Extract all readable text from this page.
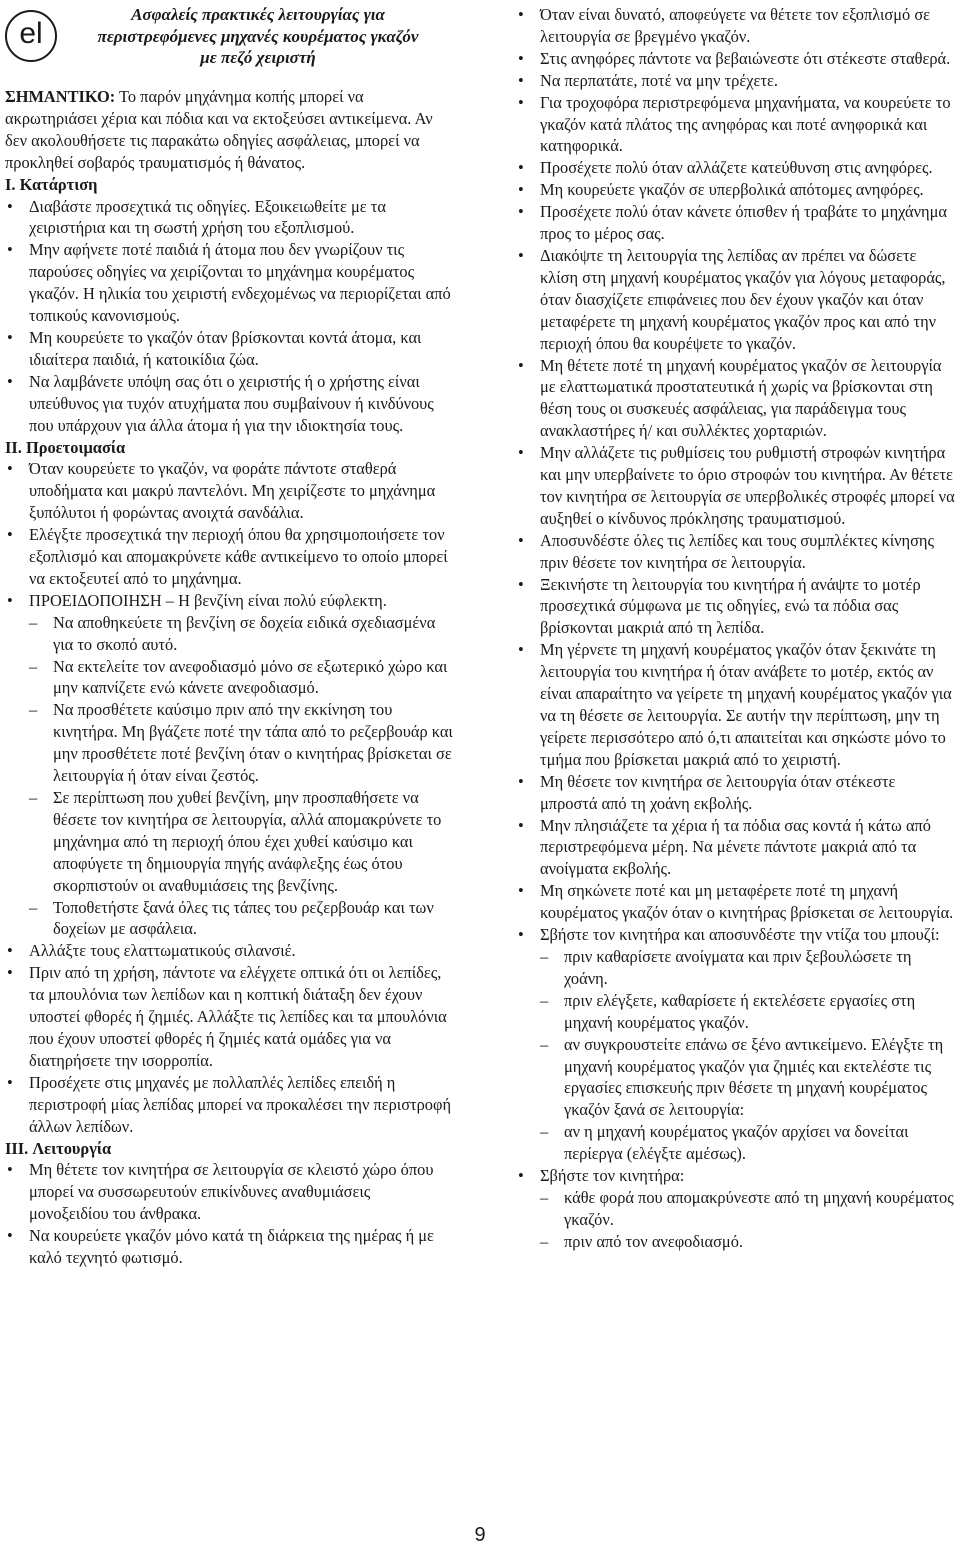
el
Ασφαλείς πρακτικές λειτουργίας για περιστρεφόμενες μηχανές κουρέματος γκαζόν με πεζό χειριστή

ΣΗΜΑΝΤΙΚΟ: Το παρόν μηχάνημα κοπής μπορεί να ακρωτηριάσει χέρια και πόδια και να εκτοξεύσει αντικείμενα. Αν δεν ακολουθήσετε τις παρακάτω οδηγίες ασφάλειας, μπορεί να προκληθεί σοβαρός τραυματισμός ή θάνατος.

I. Κατάρτιση
• Διαβάστε προσεχτικά τις οδηγίες. Εξοικειωθείτε με τα χειριστήρια και τη σωστή χρήση του εξοπλισμού.
• Μην αφήνετε ποτέ παιδιά ή άτομα που δεν γνωρίζουν τις παρούσες οδηγίες να χειρίζονται το μηχάνημα κουρέματος γκαζόν. Η ηλικία του χειριστή ενδεχομένως να περιορίζεται από τοπικούς κανονισμούς.
• Μη κουρεύετε το γκαζόν όταν βρίσκονται κοντά άτομα, και ιδιαίτερα παιδιά, ή κατοικίδια ζώα.
• Να λαμβάνετε υπόψη σας ότι ο χειριστής ή ο χρήστης είναι υπεύθυνος για τυχόν ατυχήματα που συμβαίνουν ή κινδύνους που υπάρχουν για άλλα άτομα ή για την ιδιοκτησία τους.
II. Προετοιμασία
• Όταν κουρεύετε το γκαζόν, να φοράτε πάντοτε σταθερά υποδήματα και μακρύ παντελόνι. Μη χειρίζεστε το μηχάνημα ξυπόλυτοι ή φορώντας ανοιχτά σανδάλια.
• Ελέγξτε προσεχτικά την περιοχή όπου θα χρησιμοποιήσετε τον εξοπλισμό και απομακρύνετε κάθε αντικείμενο το οποίο μπορεί να εκτοξευτεί από το μηχάνημα.
• ΠΡΟΕΙΔΟΠΟΙΗΣΗ – Η βενζίνη είναι πολύ εύφλεκτη.
– Να αποθηκεύετε τη βενζίνη σε δοχεία ειδικά σχεδιασμένα για το σκοπό αυτό.
– Να εκτελείτε τον ανεφοδιασμό μόνο σε εξωτερικό χώρο και μην καπνίζετε ενώ κάνετε ανεφοδιασμό.
– Να προσθέτετε καύσιμο πριν από την εκκίνηση του κινητήρα. Μη βγάζετε ποτέ την τάπα από το ρεζερβουάρ και μην προσθέτετε ποτέ βενζίνη όταν ο κινητήρας βρίσκεται σε λειτουργία ή όταν είναι ζεστός.
– Σε περίπτωση που χυθεί βενζίνη, μην προσπαθήσετε να θέσετε τον κινητήρα σε λειτουργία, αλλά απομακρύνετε το μηχάνημα από τη περιοχή όπου έχει χυθεί καύσιμο και αποφύγετε τη δημιουργία πηγής ανάφλεξης έως ότου σκορπιστούν οι αναθυμιάσεις της βενζίνης.
– Τοποθετήστε ξανά όλες τις τάπες του ρεζερβουάρ και των δοχείων με ασφάλεια.
• Αλλάξτε τους ελαττωματικούς σιλανσιέ.
• Πριν από τη χρήση, πάντοτε να ελέγχετε οπτικά ότι οι λεπίδες, τα μπουλόνια των λεπίδων και η κοπτική διάταξη δεν έχουν υποστεί φθορές ή ζημιές. Αλλάξτε τις λεπίδες και τα μπουλόνια που έχουν υποστεί φθορές ή ζημιές κατά ομάδες για να διατηρήσετε την ισορροπία.
• Προσέχετε στις μηχανές με πολλαπλές λεπίδες επειδή η περιστροφή μίας λεπίδας μπορεί να προκαλέσει την περιστροφή άλλων λεπίδων.
III. Λειτουργία
• Μη θέτετε τον κινητήρα σε λειτουργία σε κλειστό χώρο όπου μπορεί να συσσωρευτούν επικίνδυνες αναθυμιάσεις μονοξειδίου του άνθρακα.
• Να κουρεύετε γκαζόν μόνο κατά τη διάρκεια της ημέρας ή με καλό τεχνητό φωτισμό.
• Όταν είναι δυνατό, αποφεύγετε να θέτετε τον εξοπλισμό σε λειτουργία σε βρεγμένο γκαζόν.
• Στις ανηφόρες πάντοτε να βεβαιώνεστε ότι στέκεστε σταθερά.
• Να περπατάτε, ποτέ να μην τρέχετε.
• Για τροχοφόρα περιστρεφόμενα μηχανήματα, να κουρεύετε το γκαζόν κατά πλάτος της ανηφόρας και ποτέ ανηφορικά και κατηφορικά.
• Προσέχετε πολύ όταν αλλάζετε κατεύθυνση στις ανηφόρες.
• Μη κουρεύετε γκαζόν σε υπερβολικά απότομες ανηφόρες.
• Προσέχετε πολύ όταν κάνετε όπισθεν ή τραβάτε το μηχάνημα προς το μέρος σας.
• Διακόψτε τη λειτουργία της λεπίδας αν πρέπει να δώσετε κλίση στη μηχανή κουρέματος γκαζόν για λόγους μεταφοράς, όταν διασχίζετε επιφάνειες που δεν έχουν γκαζόν και όταν μεταφέρετε τη μηχανή κουρέματος γκαζόν προς και από την περιοχή όπου θα κουρέψετε το γκαζόν.
• Μη θέτετε ποτέ τη μηχανή κουρέματος γκαζόν σε λειτουργία με ελαττωματικά προστατευτικά ή χωρίς να βρίσκονται στη θέση τους οι συσκευές ασφάλειας, για παράδειγμα τους ανακλαστήρες ή/ και συλλέκτες χορταριών.
• Μην αλλάζετε τις ρυθμίσεις του ρυθμιστή στροφών κινητήρα και μην υπερβαίνετε το όριο στροφών του κινητήρα. Αν θέτετε τον κινητήρα σε λειτουργία σε υπερβολικές στροφές μπορεί να αυξηθεί ο κίνδυνος πρόκλησης τραυματισμού.
• Αποσυνδέστε όλες τις λεπίδες και τους συμπλέκτες κίνησης πριν θέσετε τον κινητήρα σε λειτουργία.
• Ξεκινήστε τη λειτουργία του κινητήρα ή ανάψτε το μοτέρ προσεχτικά σύμφωνα με τις οδηγίες, ενώ τα πόδια σας βρίσκονται μακριά από τη λεπίδα.
• Μη γέρνετε τη μηχανή κουρέματος γκαζόν όταν ξεκινάτε τη λειτουργία του κινητήρα ή όταν ανάβετε το μοτέρ, εκτός αν είναι απαραίτητο να γείρετε τη μηχανή κουρέματος γκαζόν για να τη θέσετε σε λειτουργία. Σε αυτήν την περίπτωση, μην τη γείρετε περισσότερο από ό,τι απαιτείται και σηκώστε μόνο το τμήμα που βρίσκεται μακριά από το χειριστή.
• Μη θέσετε τον κινητήρα σε λειτουργία όταν στέκεστε μπροστά από τη χοάνη εκβολής.
• Μην πλησιάζετε τα χέρια ή τα πόδια σας κοντά ή κάτω από περιστρεφόμενα μέρη. Να μένετε πάντοτε μακριά από τα ανοίγματα εκβολής.
• Μη σηκώνετε ποτέ και μη μεταφέρετε ποτέ τη μηχανή κουρέματος γκαζόν όταν ο κινητήρας βρίσκεται σε λειτουργία.
• Σβήστε τον κινητήρα και αποσυνδέστε την ντίζα του μπουζί:
– πριν καθαρίσετε ανοίγματα και πριν ξεβουλώσετε τη χοάνη.
– πριν ελέγξετε, καθαρίσετε ή εκτελέσετε εργασίες στη μηχανή κουρέματος γκαζόν.
– αν συγκρουστείτε επάνω σε ξένο αντικείμενο. Ελέγξτε τη μηχανή κουρέματος γκαζόν για ζημιές και εκτελέστε τις εργασίες επισκευής πριν θέσετε τη μηχανή κουρέματος γκαζόν ξανά σε λειτουργία:
– αν η μηχανή κουρέματος γκαζόν αρχίσει να δονείται περίεργα (ελέγξτε αμέσως).
• Σβήστε τον κινητήρα:
– κάθε φορά που απομακρύνεστε από τη μηχανή κουρέματος γκαζόν.
– πριν από τον ανεφοδιασμό.
9
